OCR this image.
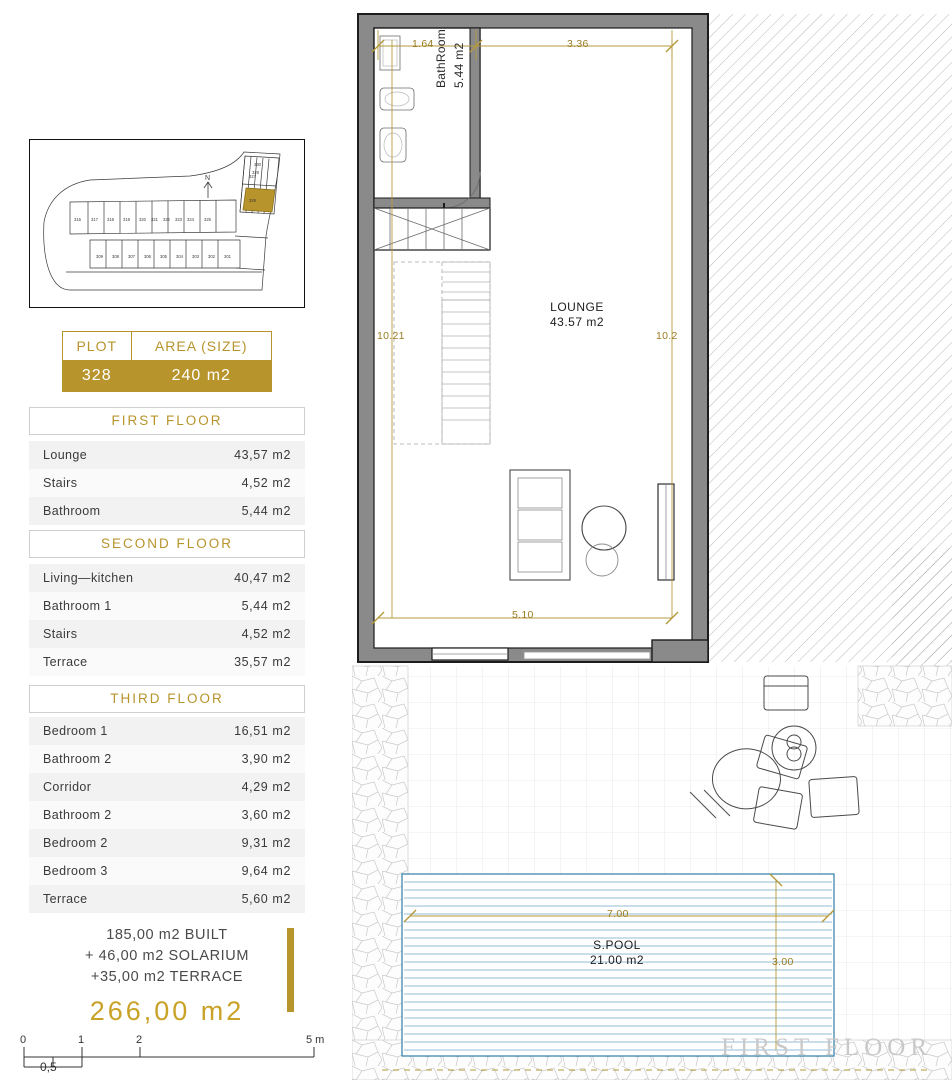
N
316 317 318 319 320 321 322 323 324 325
327
328
329
330
309 308 307 306 305 304 303 302 301
PLOT	AREA (SIZE)
328	240 m2
FIRST FLOOR
Lounge	43,57 m2
Stairs	4,52 m2
Bathroom	5,44 m2
SECOND FLOOR
Living—kitchen	40,47 m2
Bathroom 1	5,44 m2
Stairs	4,52 m2
Terrace	35,57 m2
THIRD FLOOR
Bedroom 1	16,51 m2
Bathroom 2	3,90 m2
Corridor	4,29 m2
Bathroom 2	3,60 m2
Bedroom 2	9,31 m2
Bedroom 3	9,64 m2
Terrace	5,60 m2
185,00 m2 BUILT
+ 46,00 m2 SOLARIUM
+35,00 m2 TERRACE
266,00 m2
0	1	2	5 m
0,5
1.64	3.36
10.21	10.2
5.10
LOUNGE
43.57 m2
BathRoom 5.44 m2
S.POOL
21.00 m2
7.00
3.00
FIRST FLOOR
